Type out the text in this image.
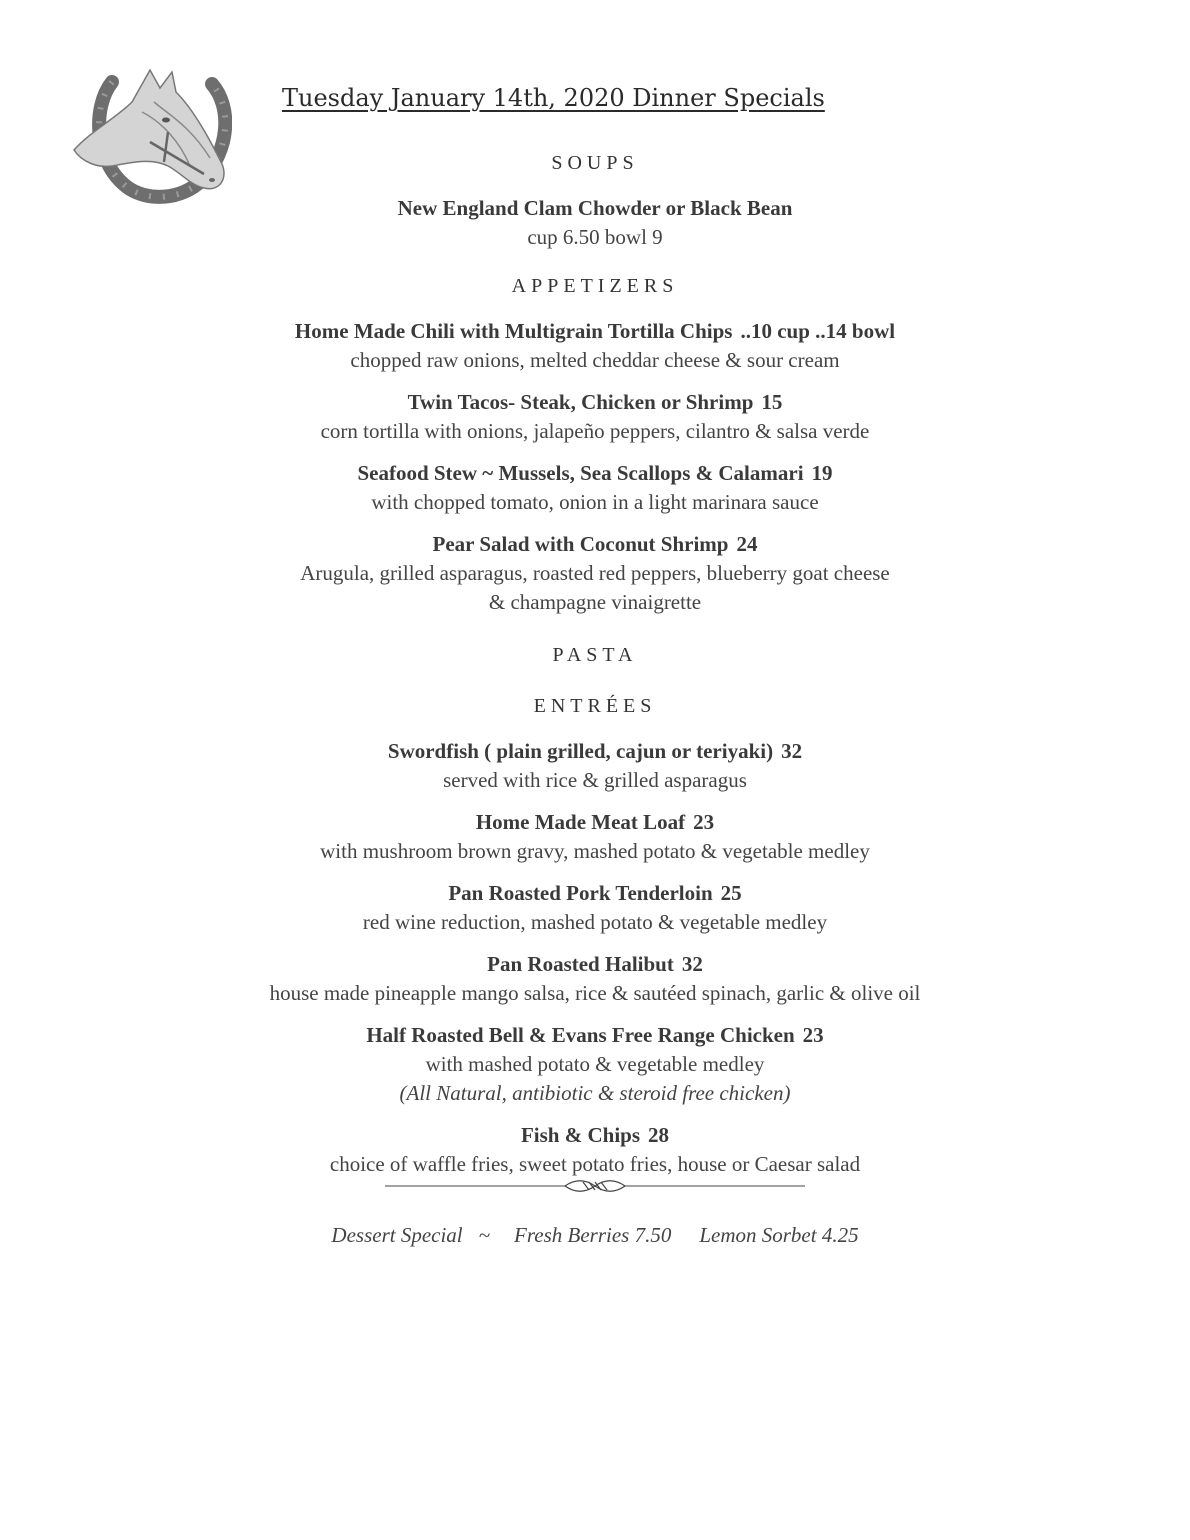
Tuesday January 14th, 2020 Dinner Specials
SOUPS
New England Clam Chowder or Black Bean
cup 6.50 bowl 9
APPETIZERS
Home Made Chili with Multigrain Tortilla Chips ..10 cup ..14 bowl
chopped raw onions, melted cheddar cheese & sour cream
Twin Tacos- Steak, Chicken or Shrimp 15
corn tortilla with onions, jalapeño peppers, cilantro & salsa verde
Seafood Stew ~ Mussels, Sea Scallops & Calamari 19
with chopped tomato, onion in a light marinara sauce
Pear Salad with Coconut Shrimp 24
Arugula, grilled asparagus, roasted red peppers, blueberry goat cheese
& champagne vinaigrette
PASTA
ENTRÉES
Swordfish ( plain grilled, cajun or teriyaki) 32
served with rice & grilled asparagus
Home Made Meat Loaf 23
with mushroom brown gravy, mashed potato & vegetable medley
Pan Roasted Pork Tenderloin 25
red wine reduction, mashed potato & vegetable medley
Pan Roasted Halibut 32
house made pineapple mango salsa, rice & sautéed spinach, garlic & olive oil
Half Roasted Bell & Evans Free Range Chicken 23
with mashed potato & vegetable medley
(All Natural, antibiotic & steroid free chicken)
Fish & Chips 28
choice of waffle fries, sweet potato fries, house or Caesar salad
Dessert Special ~ Fresh Berries 7.50 Lemon Sorbet 4.25
